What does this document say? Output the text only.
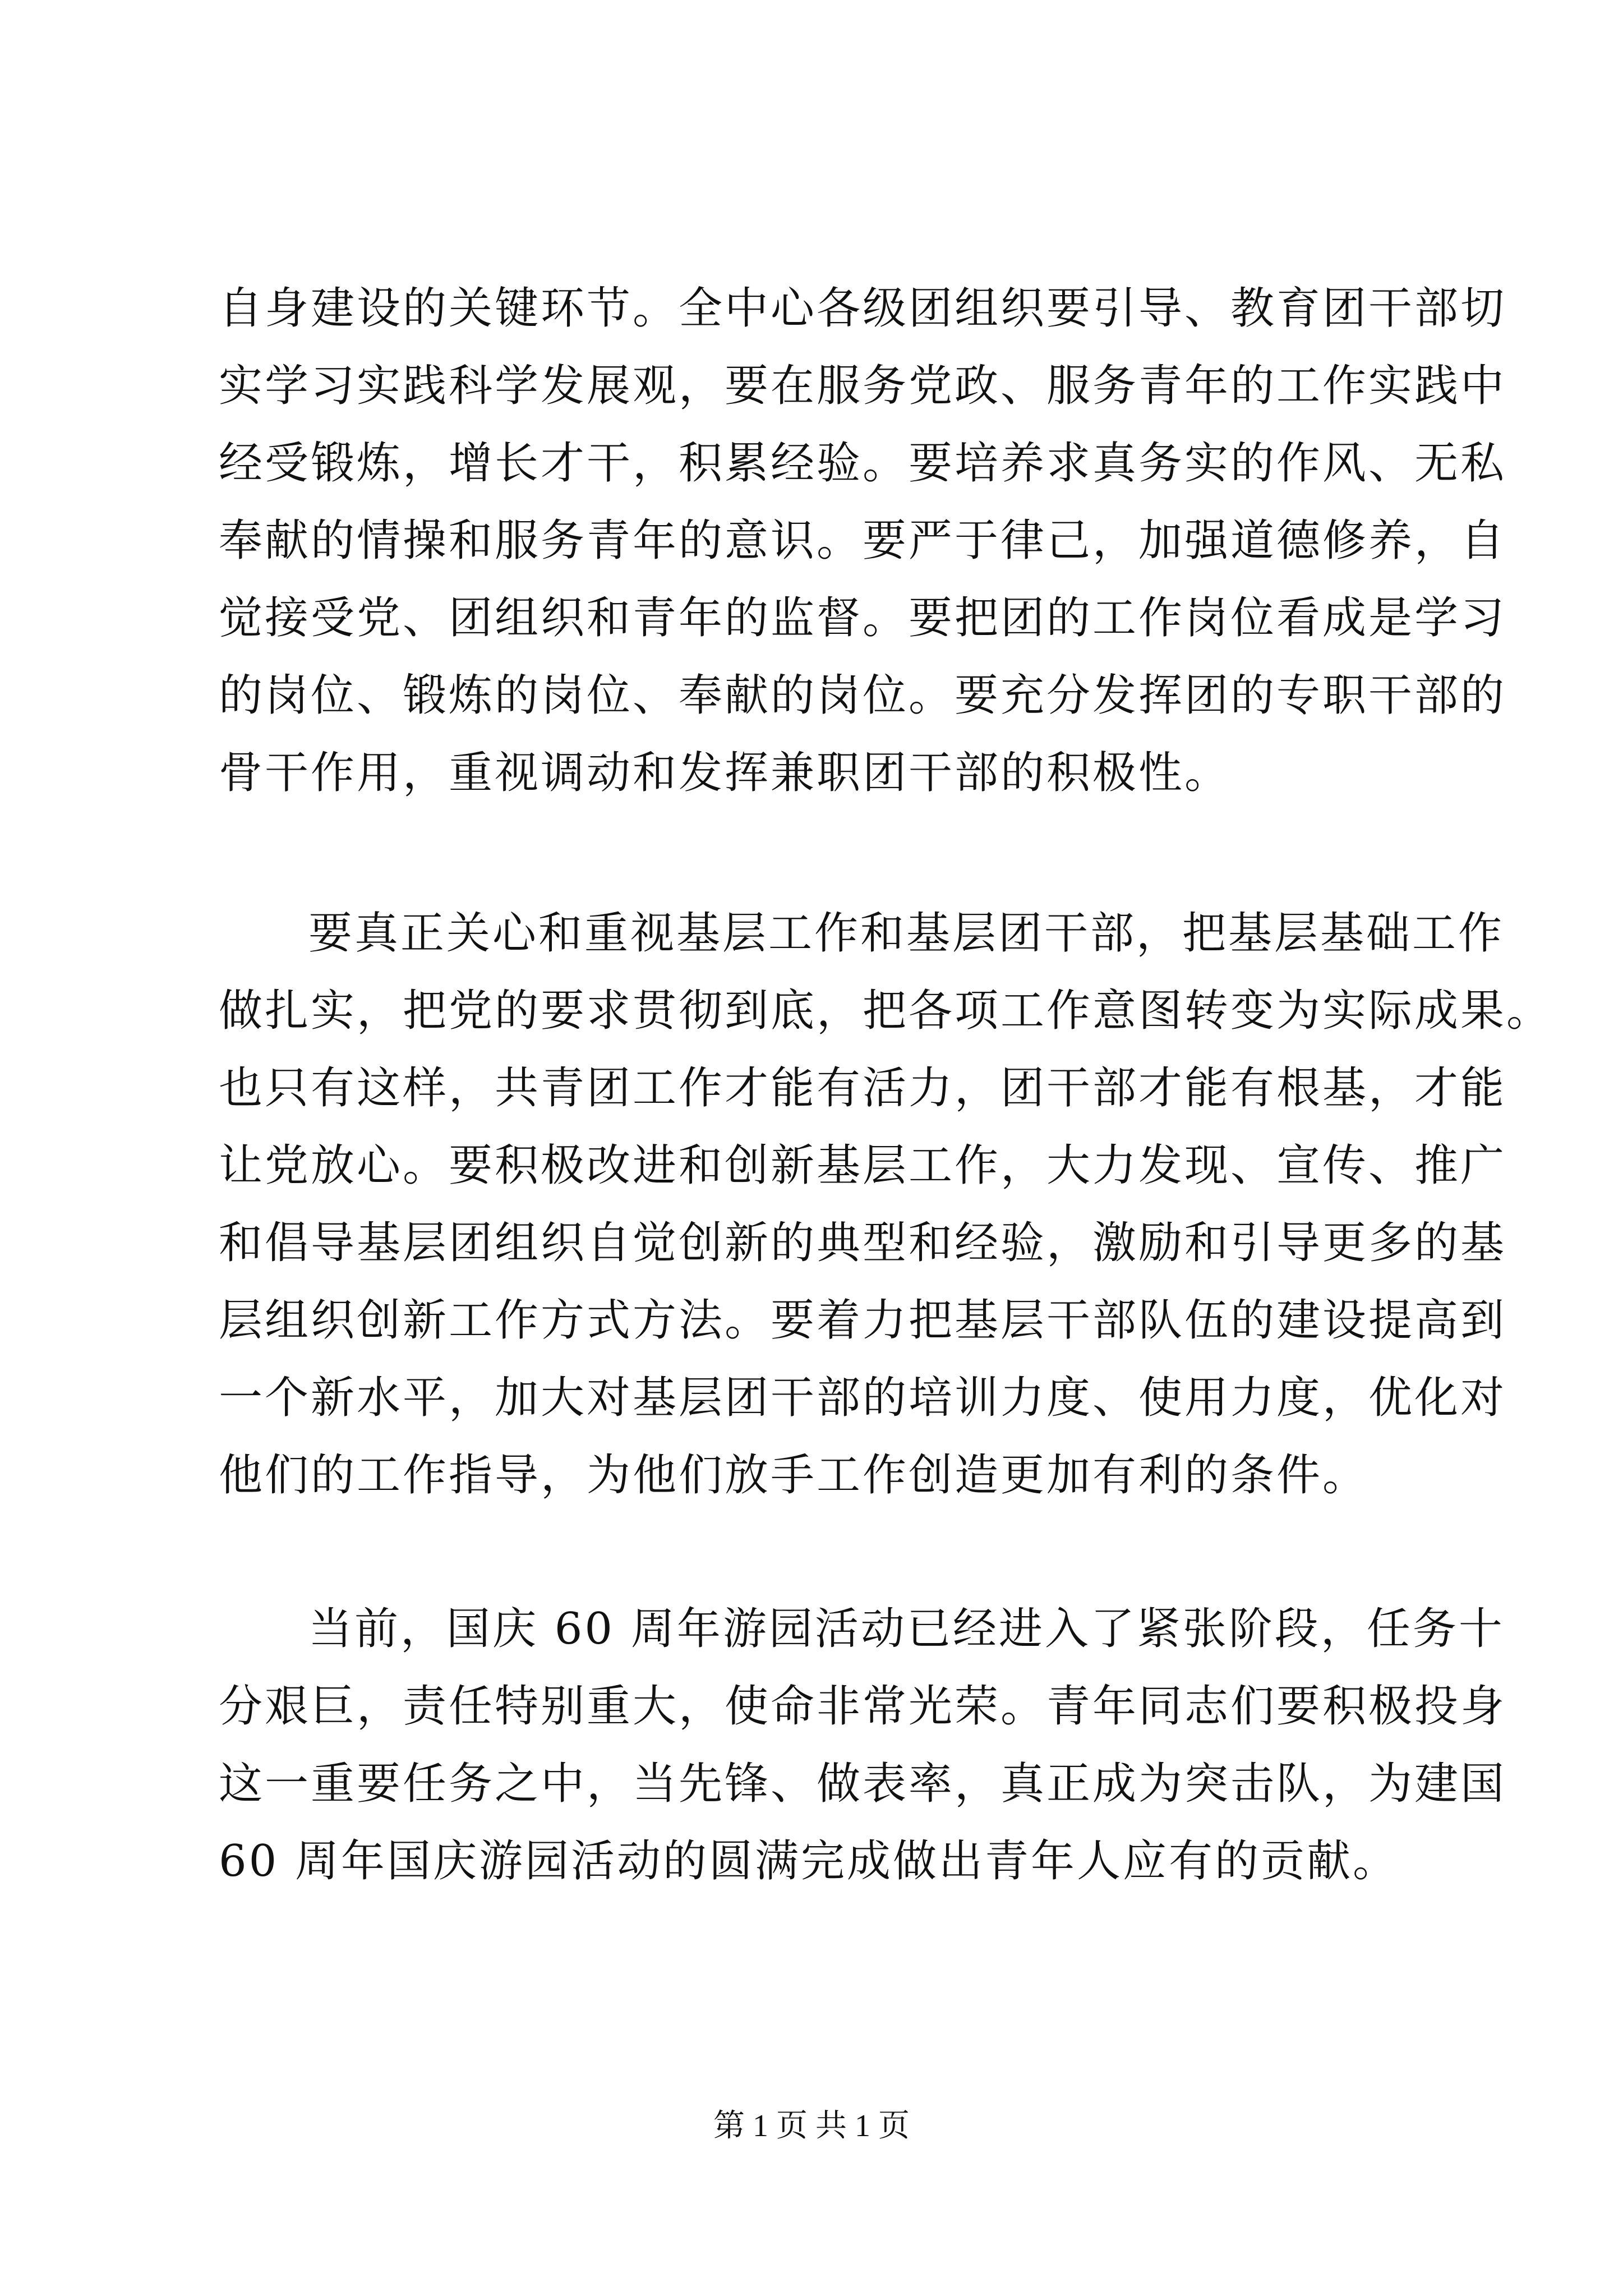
自身建设的关键环节。全中心各级团组织要引导、教育团干部切
实学习实践科学发展观，要在服务党政、服务青年的工作实践中
经受锻炼，增长才干，积累经验。要培养求真务实的作风、无私
奉献的情操和服务青年的意识。要严于律己，加强道德修养，自
觉接受党、团组织和青年的监督。要把团的工作岗位看成是学习
的岗位、锻炼的岗位、奉献的岗位。要充分发挥团的专职干部的
骨干作用，重视调动和发挥兼职团干部的积极性。
要真正关心和重视基层工作和基层团干部，把基层基础工作
做扎实，把党的要求贯彻到底，把各项工作意图转变为实际成果。
也只有这样，共青团工作才能有活力，团干部才能有根基，才能
让党放心。要积极改进和创新基层工作，大力发现、宣传、推广
和倡导基层团组织自觉创新的典型和经验，激励和引导更多的基
层组织创新工作方式方法。要着力把基层干部队伍的建设提高到
一个新水平，加大对基层团干部的培训力度、使用力度，优化对
他们的工作指导，为他们放手工作创造更加有利的条件。
当前，国庆 60 周年游园活动已经进入了紧张阶段，任务十
分艰巨，责任特别重大，使命非常光荣。青年同志们要积极投身
这一重要任务之中，当先锋、做表率，真正成为突击队，为建国
60 周年国庆游园活动的圆满完成做出青年人应有的贡献。
第 1 页 共 1 页
